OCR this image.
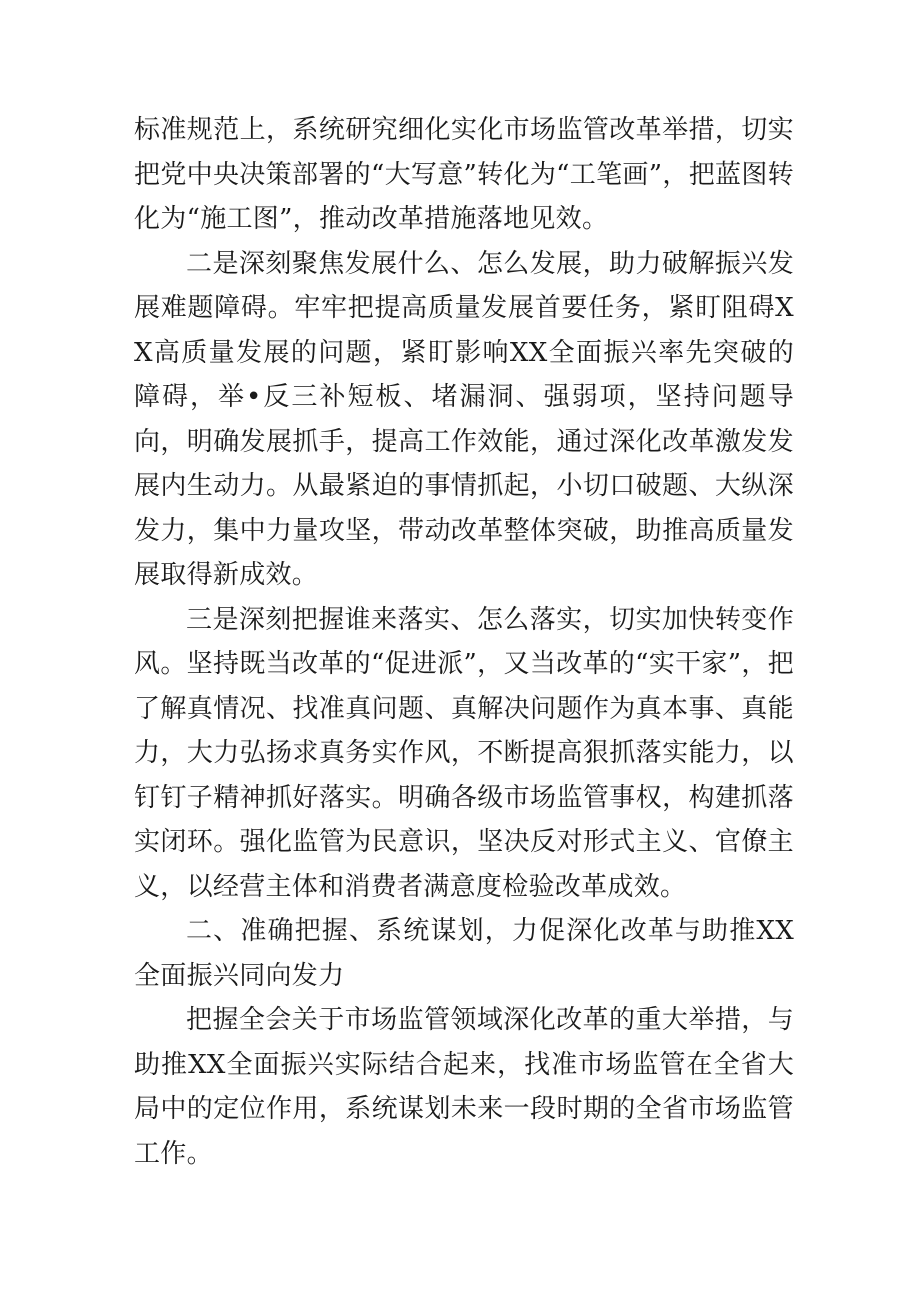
标准规范上，系统研究细化实化市场监管改革举措，切实把党中央决策部署的“大写意”转化为“工笔画”，把蓝图转化为“施工图”，推动改革措施落地见效。

二是深刻聚焦发展什么、怎么发展，助力破解振兴发展难题障碍。牢牢把提高质量发展首要任务，紧盯阻碍XX高质量发展的问题，紧盯影响XX全面振兴率先突破的障碍，举•反三补短板、堵漏洞、强弱项，坚持问题导向，明确发展抓手，提高工作效能，通过深化改革激发发展内生动力。从最紧迫的事情抓起，小切口破题、大纵深发力，集中力量攻坚，带动改革整体突破，助推高质量发展取得新成效。

三是深刻把握谁来落实、怎么落实，切实加快转变作风。坚持既当改革的“促进派”，又当改革的“实干家”，把了解真情况、找准真问题、真解决问题作为真本事、真能力，大力弘扬求真务实作风，不断提高狠抓落实能力，以钉钉子精神抓好落实。明确各级市场监管事权，构建抓落实闭环。强化监管为民意识，坚决反对形式主义、官僚主义，以经营主体和消费者满意度检验改革成效。

二、准确把握、系统谋划，力促深化改革与助推XX全面振兴同向发力

把握全会关于市场监管领域深化改革的重大举措，与助推XX全面振兴实际结合起来，找准市场监管在全省大局中的定位作用，系统谋划未来一段时期的全省市场监管工作。
